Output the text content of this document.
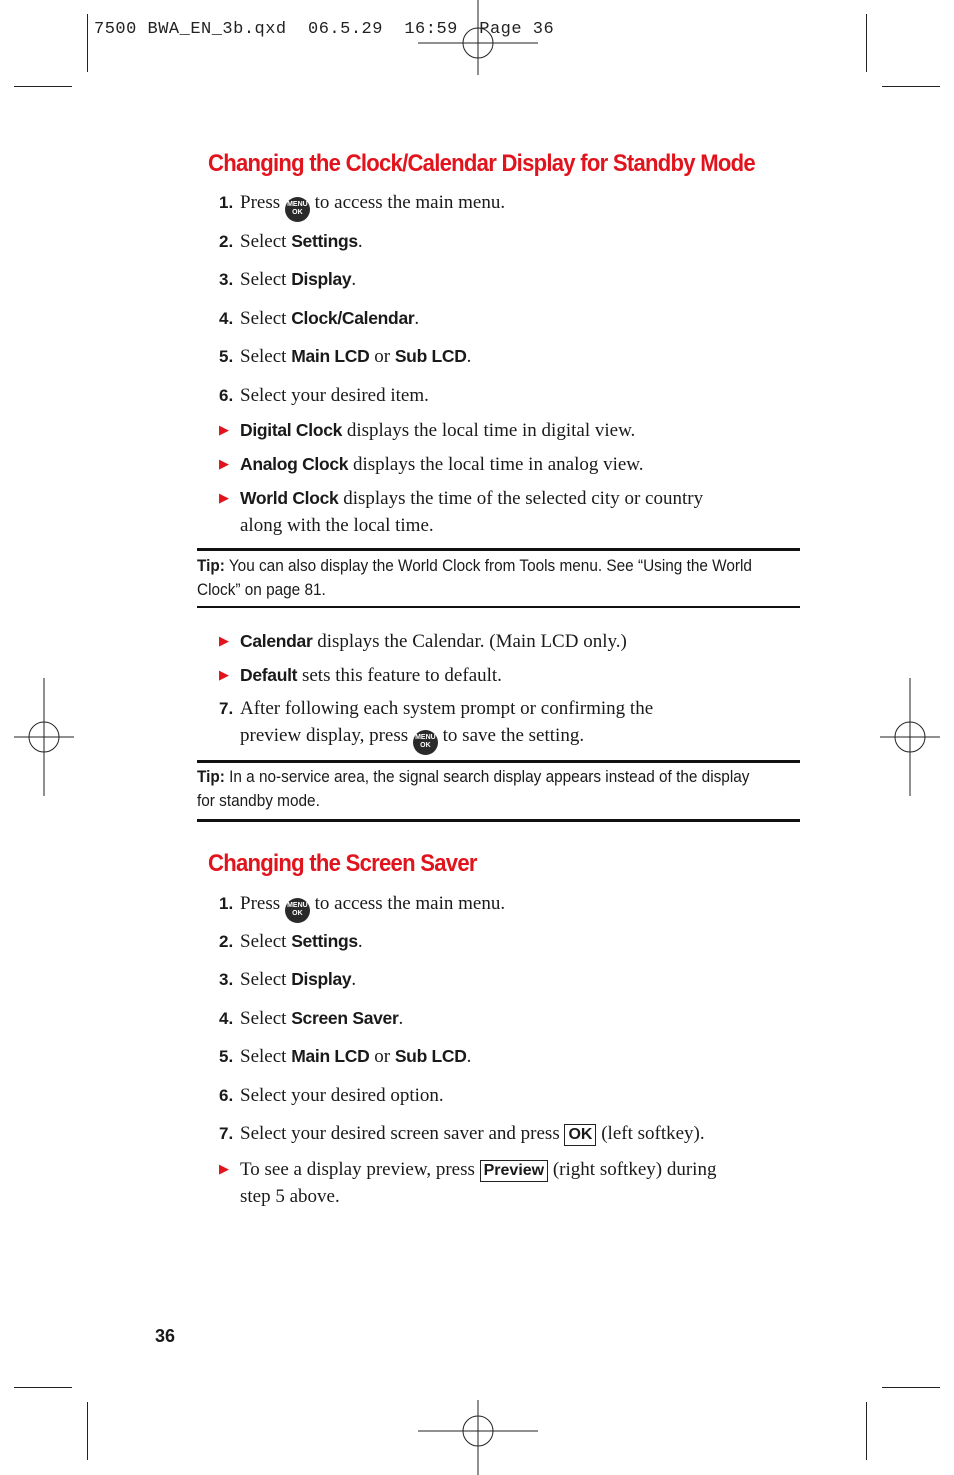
7500 BWA_EN_3b.qxd  06.5.29  16:59  Page 36
Changing the Clock/Calendar Display for Standby Mode
1. Press MENU
OK to access the main menu.
2. Select Settings.
3. Select Display.
4. Select Clock/Calendar.
5. Select Main LCD or Sub LCD.
6. Select your desired item.
▶ Digital Clock displays the local time in digital view.
▶ Analog Clock displays the local time in analog view.
▶ World Clock displays the time of the selected city or country
along with the local time.
Tip: You can also display the World Clock from Tools menu. See “Using the World Clock” on page 81.
▶ Calendar displays the Calendar. (Main LCD only.)
▶ Default sets this feature to default.
7. After following each system prompt or confirming the
preview display, press MENU
OK to save the setting.
Tip: In a no-service area, the signal search display appears instead of the display for standby mode.
Changing the Screen Saver
1. Press MENU
OK to access the main menu.
2. Select Settings.
3. Select Display.
4. Select Screen Saver.
5. Select Main LCD or Sub LCD.
6. Select your desired option.
7. Select your desired screen saver and press OK (left softkey).
▶ To see a display preview, press Preview (right softkey) during
step 5 above.
36
